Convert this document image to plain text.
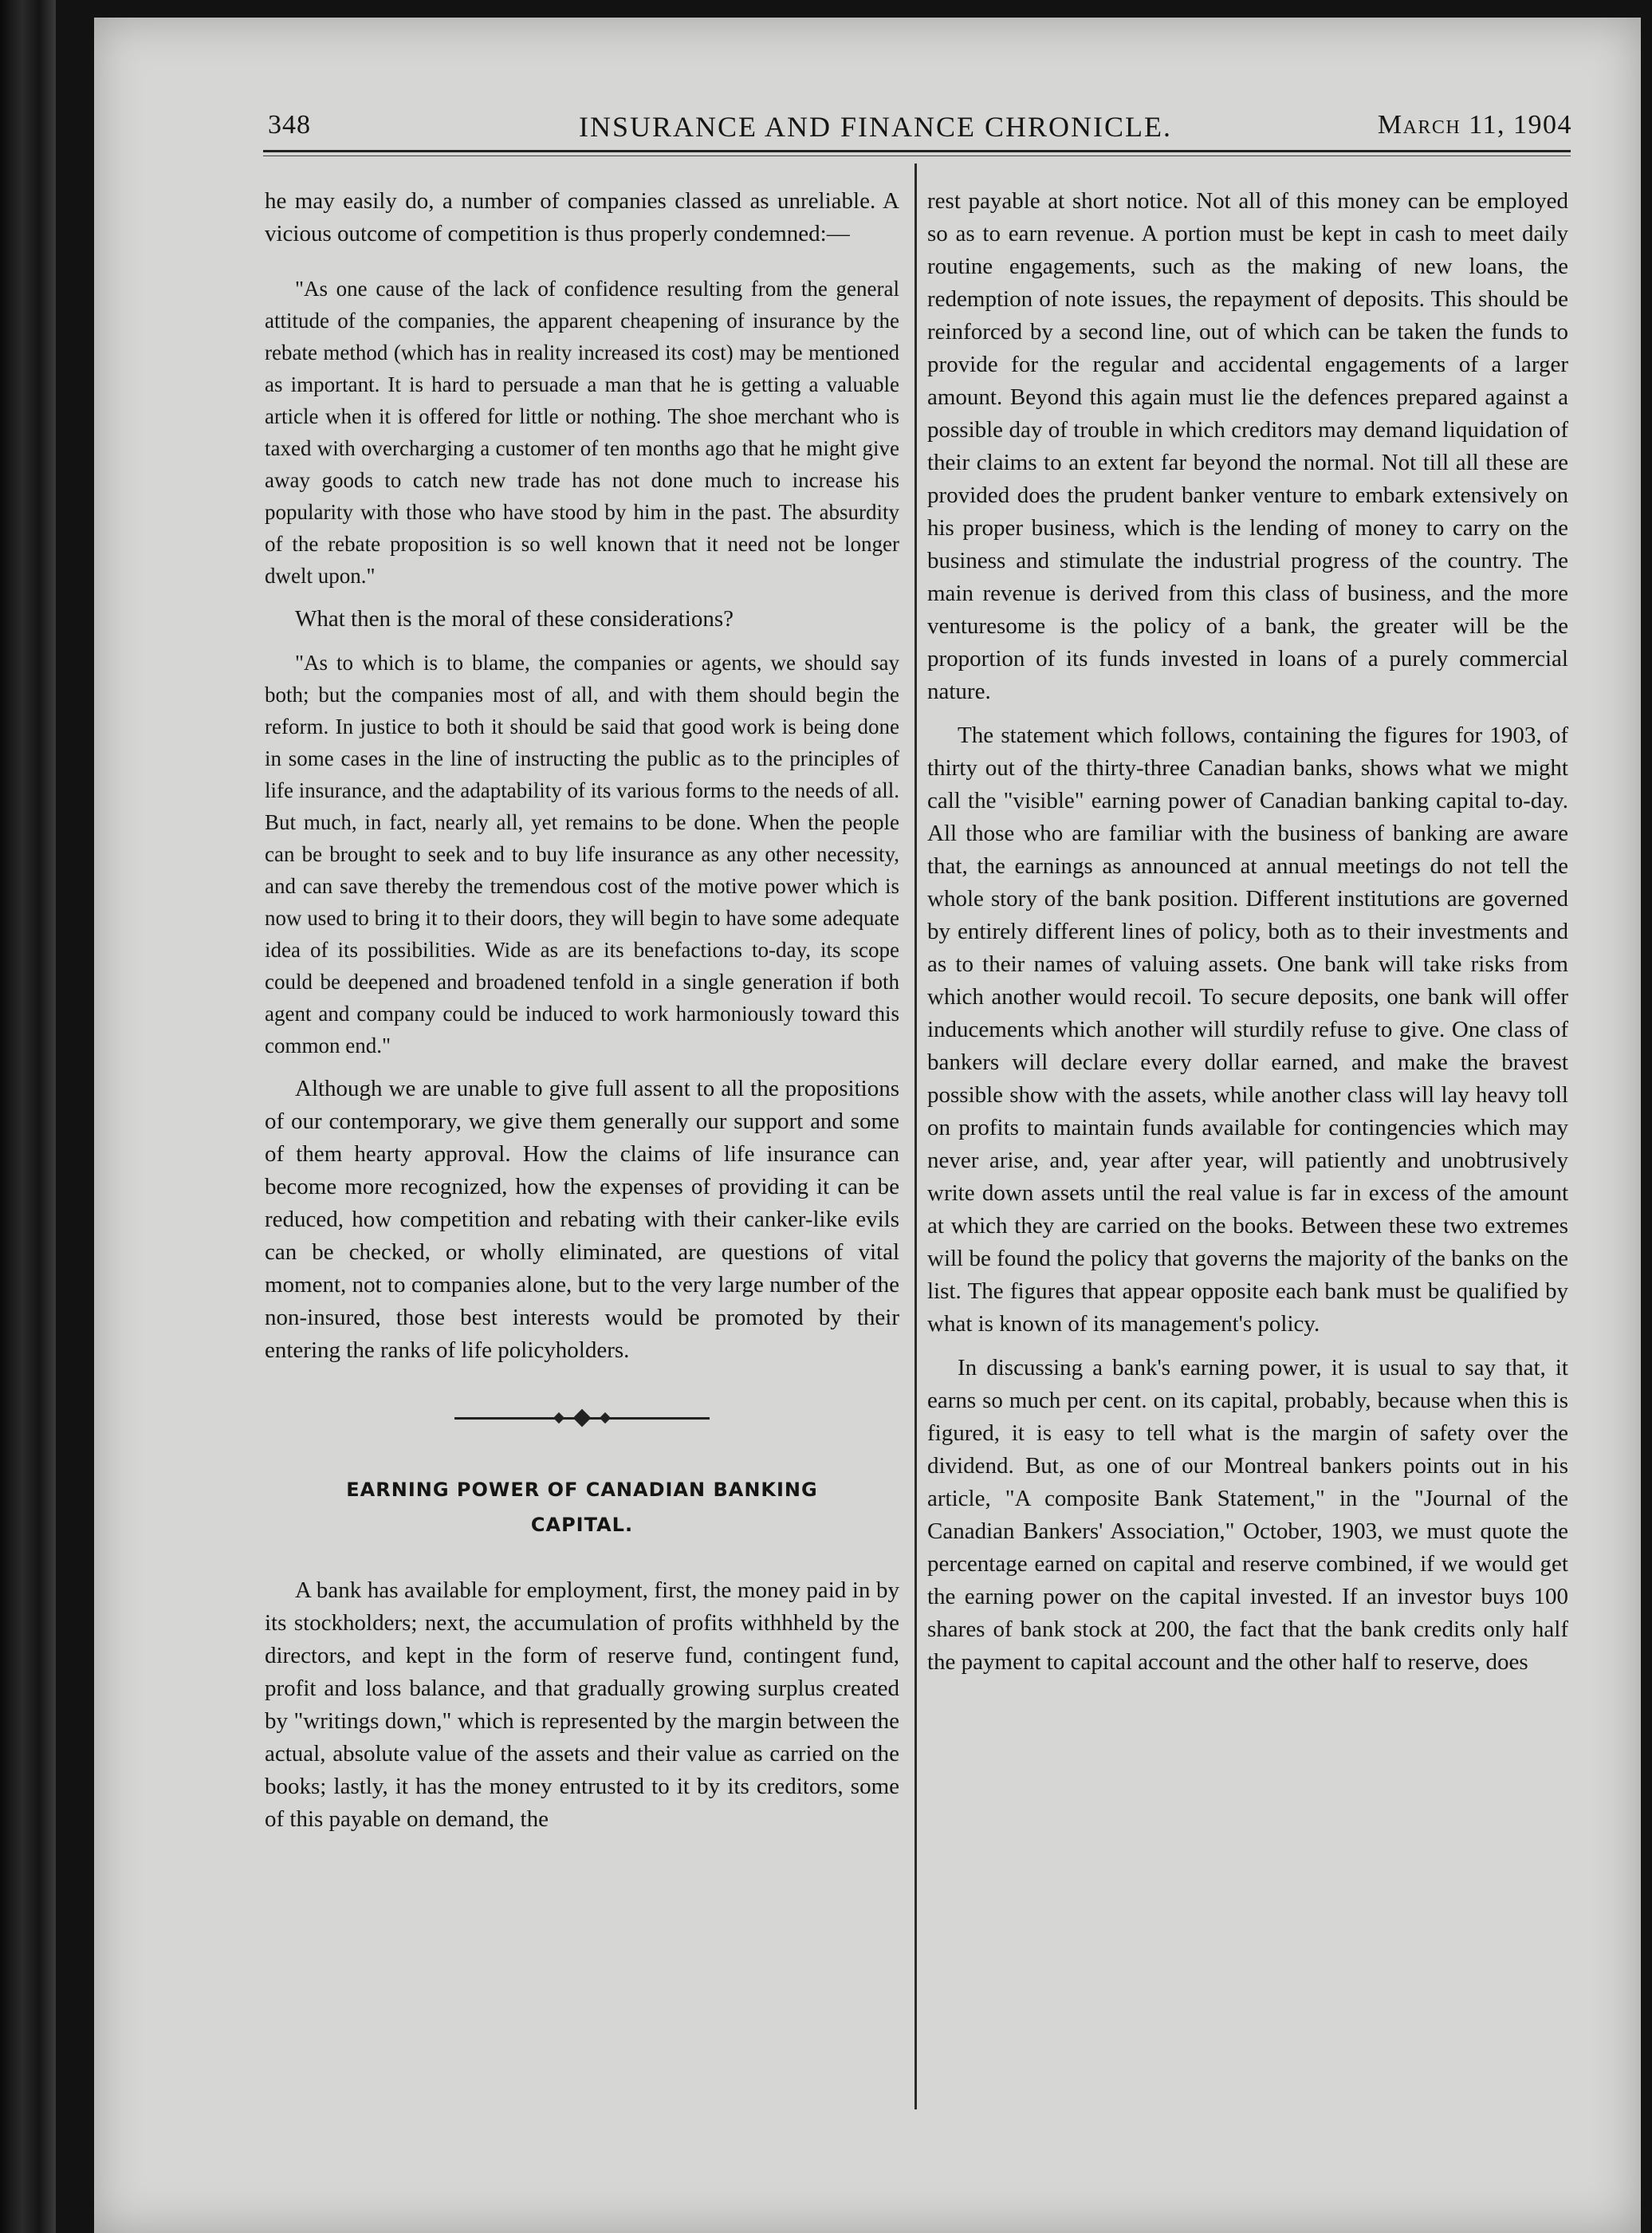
348	INSURANCE AND FINANCE CHRONICLE.	March 11, 1904

he may easily do, a number of companies classed as unreliable. A vicious outcome of competition is thus properly condemned:—

"As one cause of the lack of confidence resulting from the general attitude of the companies, the apparent cheapening of insurance by the rebate method (which has in reality increased its cost) may be mentioned as important. It is hard to persuade a man that he is getting a valuable article when it is offered for little or nothing. The shoe merchant who is taxed with overcharging a customer of ten months ago that he might give away goods to catch new trade has not done much to increase his popularity with those who have stood by him in the past. The absurdity of the rebate proposition is so well known that it need not be longer dwelt upon."

What then is the moral of these considerations?

"As to which is to blame, the companies or agents, we should say both; but the companies most of all, and with them should begin the reform. In justice to both it should be said that good work is being done in some cases in the line of instructing the public as to the principles of life insurance, and the adaptability of its various forms to the needs of all. But much, in fact, nearly all, yet remains to be done. When the people can be brought to seek and to buy life insurance as any other necessity, and can save thereby the tremendous cost of the motive power which is now used to bring it to their doors, they will begin to have some adequate idea of its possibilities. Wide as are its benefactions to-day, its scope could be deepened and broadened tenfold in a single generation if both agent and company could be induced to work harmoniously toward this common end."

Although we are unable to give full assent to all the propositions of our contemporary, we give them generally our support and some of them hearty approval. How the claims of life insurance can become more recognized, how the expenses of providing it can be reduced, how competition and rebating with their canker-like evils can be checked, or wholly eliminated, are questions of vital moment, not to companies alone, but to the very large number of the non-insured, those best interests would be promoted by their entering the ranks of life policyholders.

EARNING POWER OF CANADIAN BANKING
CAPITAL.

A bank has available for employment, first, the money paid in by its stockholders; next, the accumulation of profits withhheld by the directors, and kept in the form of reserve fund, contingent fund, profit and loss balance, and that gradually growing surplus created by "writings down," which is represented by the margin between the actual, absolute value of the assets and their value as carried on the books; lastly, it has the money entrusted to it by its creditors, some of this payable on demand, the

rest payable at short notice. Not all of this money can be employed so as to earn revenue. A portion must be kept in cash to meet daily routine engagements, such as the making of new loans, the redemption of note issues, the repayment of deposits. This should be reinforced by a second line, out of which can be taken the funds to provide for the regular and accidental engagements of a larger amount. Beyond this again must lie the defences prepared against a possible day of trouble in which creditors may demand liquidation of their claims to an extent far beyond the normal. Not till all these are provided does the prudent banker venture to embark extensively on his proper business, which is the lending of money to carry on the business and stimulate the industrial progress of the country. The main revenue is derived from this class of business, and the more venturesome is the policy of a bank, the greater will be the proportion of its funds invested in loans of a purely commercial nature.

The statement which follows, containing the figures for 1903, of thirty out of the thirty-three Canadian banks, shows what we might call the "visible" earning power of Canadian banking capital to-day. All those who are familiar with the business of banking are aware that, the earnings as announced at annual meetings do not tell the whole story of the bank position. Different institutions are governed by entirely different lines of policy, both as to their investments and as to their names of valuing assets. One bank will take risks from which another would recoil. To secure deposits, one bank will offer inducements which another will sturdily refuse to give. One class of bankers will declare every dollar earned, and make the bravest possible show with the assets, while another class will lay heavy toll on profits to maintain funds available for contingencies which may never arise, and, year after year, will patiently and unobtrusively write down assets until the real value is far in excess of the amount at which they are carried on the books. Between these two extremes will be found the policy that governs the majority of the banks on the list. The figures that appear opposite each bank must be qualified by what is known of its management's policy.

In discussing a bank's earning power, it is usual to say that, it earns so much per cent. on its capital, probably, because when this is figured, it is easy to tell what is the margin of safety over the dividend. But, as one of our Montreal bankers points out in his article, "A composite Bank Statement," in the "Journal of the Canadian Bankers' Association," October, 1903, we must quote the percentage earned on capital and reserve combined, if we would get the earning power on the capital invested. If an investor buys 100 shares of bank stock at 200, the fact that the bank credits only half the payment to capital account and the other half to reserve, does
